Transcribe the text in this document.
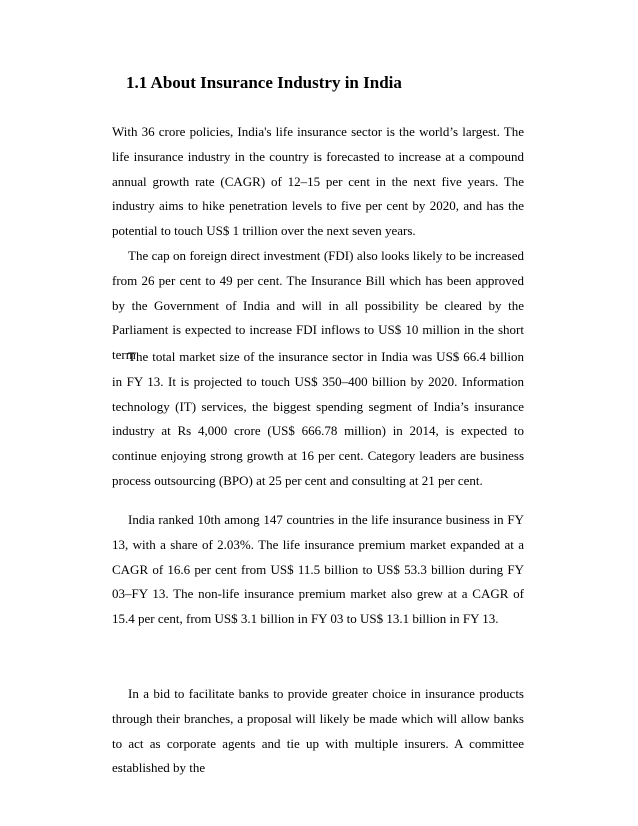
1.1 About Insurance Industry in India

With 36 crore policies, India's life insurance sector is the world’s largest. The life insurance industry in the country is forecasted to increase at a compound annual growth rate (CAGR) of 12–15 per cent in the next five years. The industry aims to hike penetration levels to five per cent by 2020, and has the potential to touch US$ 1 trillion over the next seven years.

The cap on foreign direct investment (FDI) also looks likely to be increased from 26 per cent to 49 per cent. The Insurance Bill which has been approved by the Government of India and will in all possibility be cleared by the Parliament is expected to increase FDI inflows to US$ 10 million in the short term

The total market size of the insurance sector in India was US$ 66.4 billion in FY 13. It is projected to touch US$ 350–400 billion by 2020. Information technology (IT) services, the biggest spending segment of India’s insurance industry at Rs 4,000 crore (US$ 666.78 million) in 2014, is expected to continue enjoying strong growth at 16 per cent. Category leaders are business process outsourcing (BPO) at 25 per cent and consulting at 21 per cent.

India ranked 10th among 147 countries in the life insurance business in FY 13, with a share of 2.03%. The life insurance premium market expanded at a CAGR of 16.6 per cent from US$ 11.5 billion to US$ 53.3 billion during FY 03–FY 13. The non-life insurance premium market also grew at a CAGR of 15.4 per cent, from US$ 3.1 billion in FY 03 to US$ 13.1 billion in FY 13.

In a bid to facilitate banks to provide greater choice in insurance products through their branches, a proposal will likely be made which will allow banks to act as corporate agents and tie up with multiple insurers. A committee established by the
